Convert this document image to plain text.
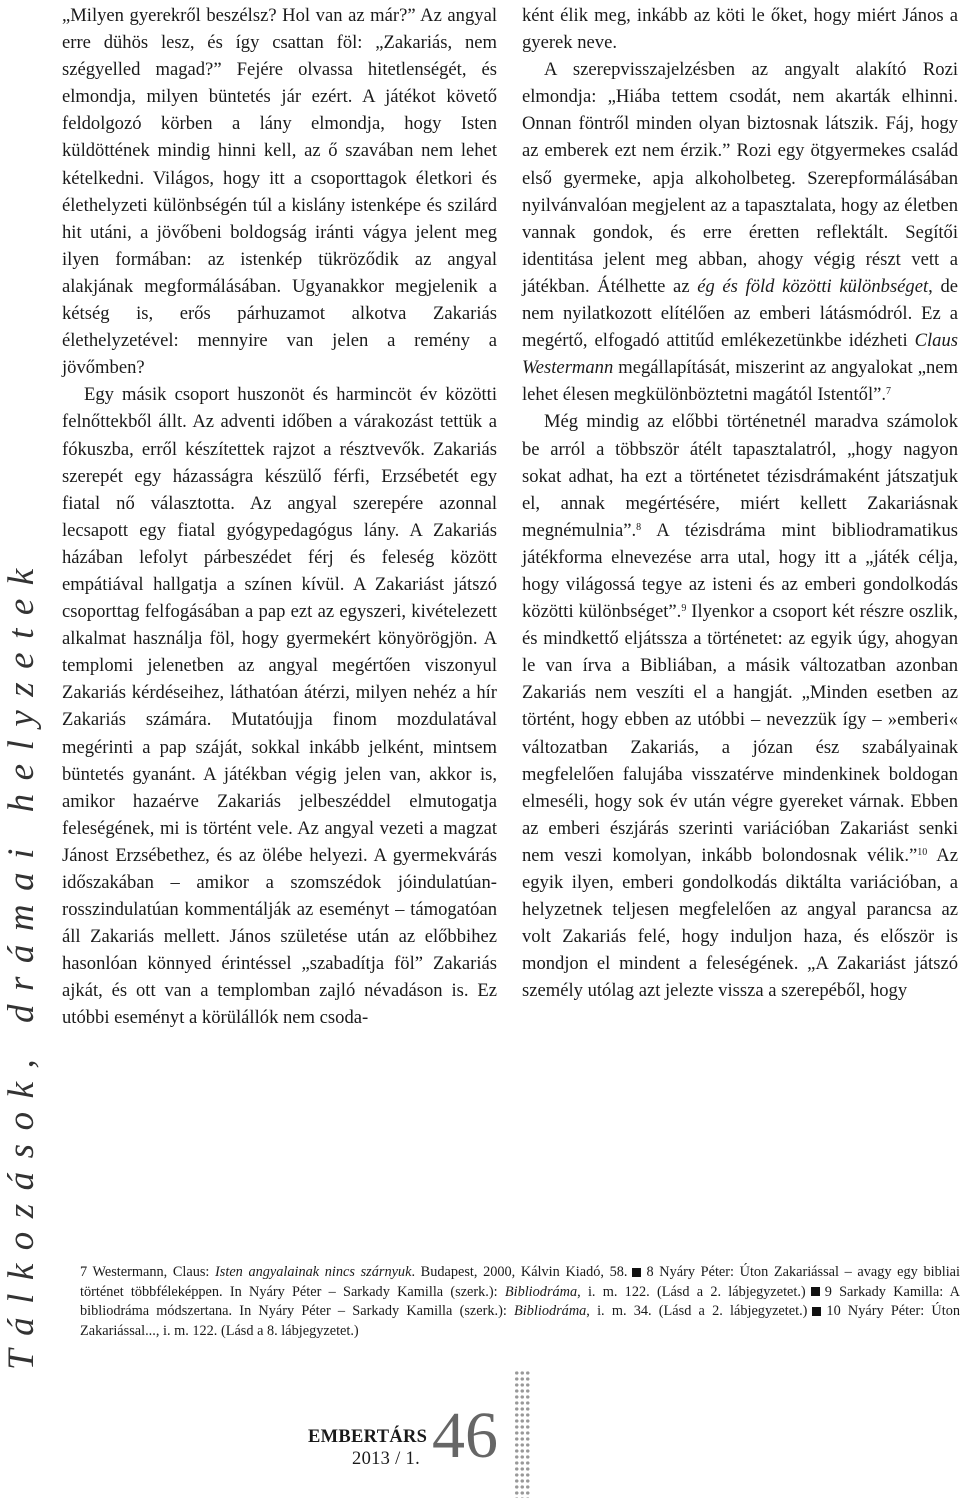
Tálkozások, drámai helyzetek

„Milyen gyerekről beszélsz? Hol van az már?” Az angyal erre dühös lesz, és így csattan föl: „Zakariás, nem szégyelled magad?” Fejére olvassa hitetlenségét, és elmondja, milyen büntetés jár ezért. A játékot követő feldolgozó körben a lány elmondja, hogy Isten küldöttének mindig hinni kell, az ő szavában nem lehet kételkedni. Világos, hogy itt a csoporttagok életkori és élethelyzeti különbségén túl a kislány istenképe és szilárd hit utáni, a jövőbeni boldogság iránti vágya jelent meg ilyen formában: az istenkép tükröződik az angyal alakjának megformálásában. Ugyanakkor megjelenik a kétség is, erős párhuzamot alkotva Zakariás élethelyzetével: mennyire van jelen a remény a jövőmben?

Egy másik csoport huszonöt és harmincöt év közötti felnőttekből állt. Az adventi időben a várakozást tettük a fókuszba, erről készítettek rajzot a résztvevők. Zakariás szerepét egy házasságra készülő férfi, Erzsébetét egy fiatal nő választotta. Az angyal szerepére azonnal lecsapott egy fiatal gyógypedagógus lány. A Zakariás házában lefolyt párbeszédet férj és feleség között empátiával hallgatja a színen kívül. A Zakariást játszó csoporttag felfogásában a pap ezt az egyszeri, kivételezett alkalmat használja föl, hogy gyermekért könyörögjön. A templomi jelenetben az angyal megértően viszonyul Zakariás kérdéseihez, láthatóan átérzi, milyen nehéz a hír Zakariás számára. Mutatóujja finom mozdulatával megérinti a pap száját, sokkal inkább jelként, mintsem büntetés gyanánt. A játékban végig jelen van, akkor is, amikor hazaérve Zakariás jelbeszéddel elmutogatja feleségének, mi is történt vele. Az angyal vezeti a magzat Jánost Erzsébethez, és az ölébe helyezi. A gyermekvárás időszakában – amikor a szomszédok jóindulatúan-rosszindulatúan kommentálják az eseményt – támogatóan áll Zakariás mellett. János születése után az előbbihez hasonlóan könnyed érintéssel „szabadítja föl” Zakariás ajkát, és ott van a templomban zajló névadáson is. Ez utóbbi eseményt a körülállók nem csoda-

ként élik meg, inkább az köti le őket, hogy miért János a gyerek neve.

A szerepvisszajelzésben az angyalt alakító Rozi elmondja: „Hiába tettem csodát, nem akarták elhinni. Onnan föntről minden olyan biztosnak látszik. Fáj, hogy az emberek ezt nem érzik.” Rozi egy ötgyermekes család első gyermeke, apja alkoholbeteg. Szerepformálásában nyilvánvalóan megjelent az a tapasztalata, hogy az életben vannak gondok, és erre éretten reflektált. Segítői identitása jelent meg abban, ahogy végig részt vett a játékban. Átélhette az ég és föld közötti különbséget, de nem nyilatkozott elítélően az emberi látásmódról. Ez a megértő, elfogadó attitűd emlékezetünkbe idézheti Claus Westermann megállapítását, miszerint az angyalokat „nem lehet élesen megkülönböztetni magától Istentől”.$^7$

Még mindig az előbbi történetnél maradva számolok be arról a többször átélt tapasztalatról, „hogy nagyon sokat adhat, ha ezt a történetet tézisdrámaként játszatjuk el, annak megértésére, miért kellett Zakariásnak megnémulnia”.$^8$ A tézisdráma mint bibliodramatikus játékforma elnevezése arra utal, hogy itt a „játék célja, hogy világossá tegye az isteni és az emberi gondolkodás közötti különbséget”.$^9$ Ilyenkor a csoport két részre oszlik, és mindkettő eljátssza a történetet: az egyik úgy, ahogyan le van írva a Bibliában, a másik változatban azonban Zakariás nem veszíti el a hangját. „Minden esetben az történt, hogy ebben az utóbbi – nevezzük így – »emberi« változatban Zakariás, a józan ész szabályainak megfelelően falujába visszatérve mindenkinek boldogan elmeséli, hogy sok év után végre gyereket várnak. Ebben az emberi észjárás szerinti variációban Zakariást senki nem veszi komolyan, inkább bolondosnak vélik.”$^{10}$ Az egyik ilyen, emberi gondolkodás diktálta variációban, a helyzetnek teljesen megfelelően az angyal parancsa az volt Zakariás felé, hogy induljon haza, és először is mondjon el mindent a feleségének. „A Zakariást játszó személy utólag azt jelezte vissza a szerepéből, hogy

7 Westermann, Claus: Isten angyalainak nincs szárnyuk. Budapest, 2000, Kálvin Kiadó, 58. 8 Nyáry Péter: Úton Zakariással – avagy egy bibliai történet többféleképpen. In Nyáry Péter – Sarkady Kamilla (szerk.): Bibliodráma, i. m. 122. (Lásd a 2. lábjegyzetet.) 9 Sarkady Kamilla: A bibliodráma módszertana. In Nyáry Péter – Sarkady Kamilla (szerk.): Bibliodráma, i. m. 34. (Lásd a 2. lábjegyzetet.) 10 Nyáry Péter: Úton Zakariással..., i. m. 122. (Lásd a 8. lábjegyzetet.)
EMBERTÁRS
2013 / 1. 46
